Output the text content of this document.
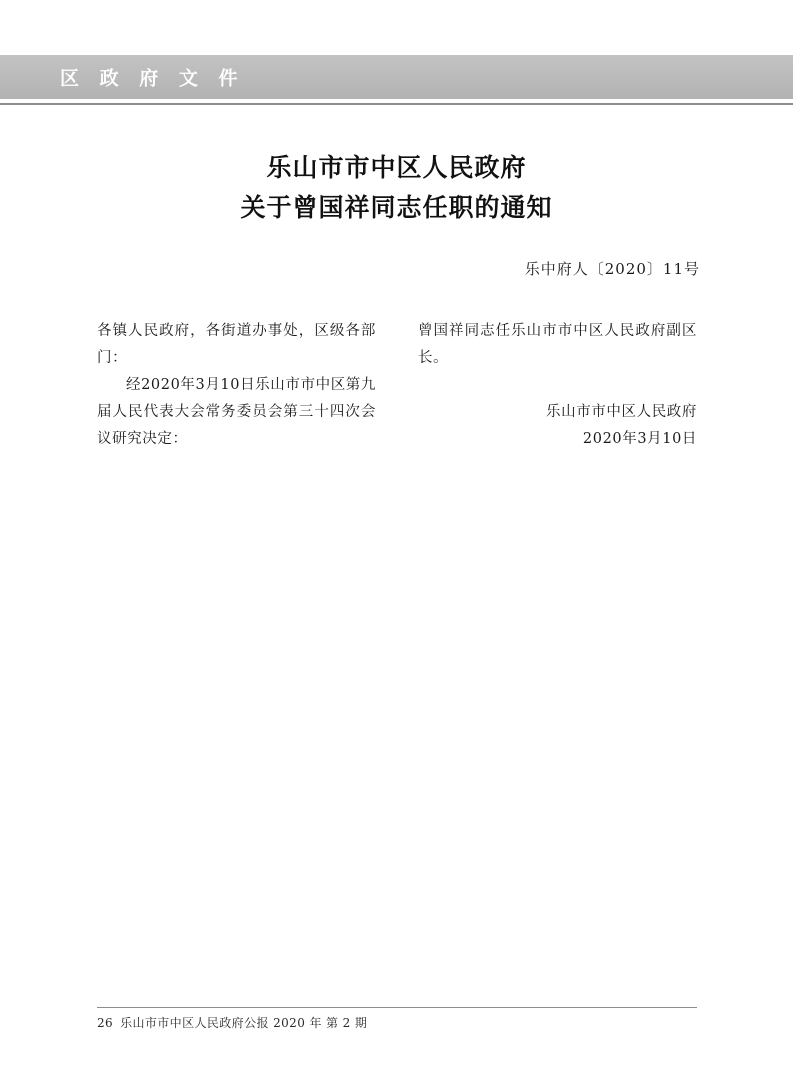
区 政 府 文 件
乐山市市中区人民政府
关于曾国祥同志任职的通知
乐中府人〔2020〕11号

各镇人民政府，各街道办事处，区级各部门：

经2020年3月10日乐山市市中区第九届人民代表大会常务委员会第三十四次会议研究决定：

曾国祥同志任乐山市市中区人民政府副区长。

乐山市市中区人民政府
2020年3月10日
26 乐山市市中区人民政府公报 2020 年 第 2 期
